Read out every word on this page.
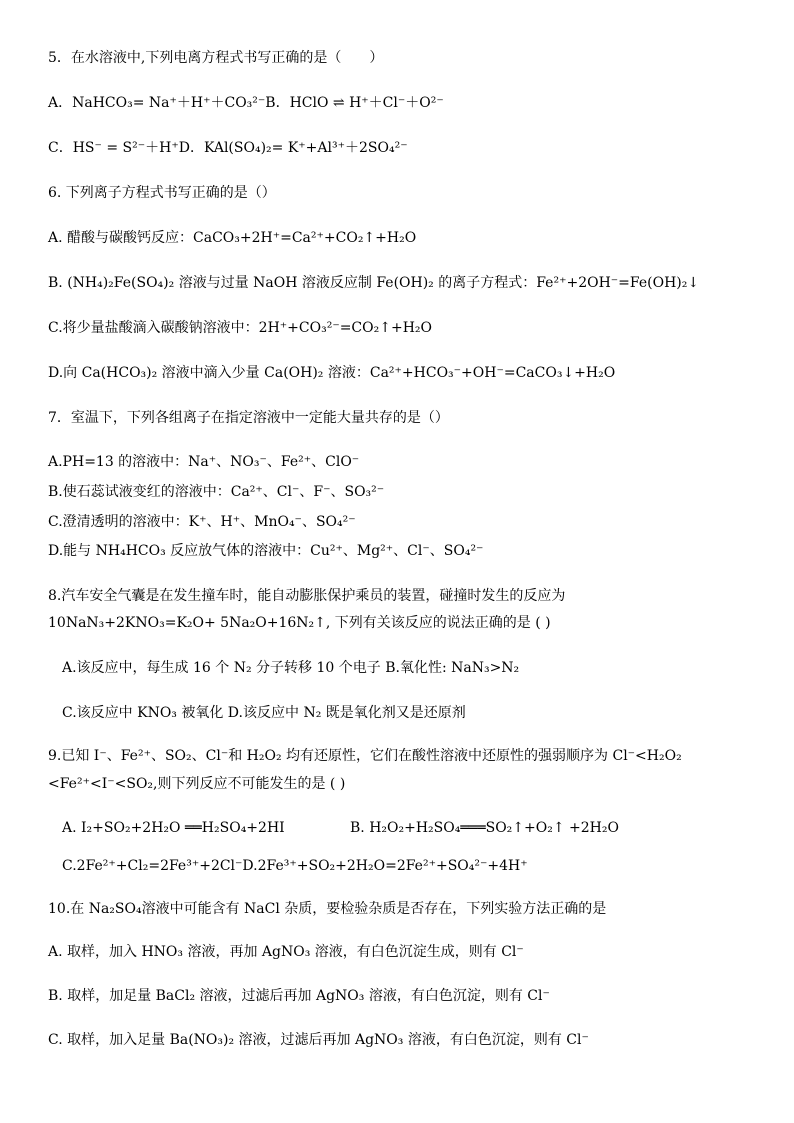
5．在水溶液中,下列电离方程式书写正确的是（　　）
A．NaHCO₃= Na⁺＋H⁺＋CO₃²⁻B．HClO ⇌ H⁺＋Cl⁻＋O²⁻
C．HS⁻ = S²⁻＋H⁺D．KAl(SO₄)₂= K⁺+Al³⁺＋2SO₄²⁻
6. 下列离子方程式书写正确的是（）
A. 醋酸与碳酸钙反应：CaCO₃+2H⁺=Ca²⁺+CO₂↑+H₂O
B. (NH₄)₂Fe(SO₄)₂ 溶液与过量 NaOH 溶液反应制 Fe(OH)₂ 的离子方程式：Fe²⁺+2OH⁻=Fe(OH)₂↓
C.将少量盐酸滴入碳酸钠溶液中：2H⁺+CO₃²⁻=CO₂↑+H₂O
D.向 Ca(HCO₃)₂ 溶液中滴入少量 Ca(OH)₂ 溶液：Ca²⁺+HCO₃⁻+OH⁻=CaCO₃↓+H₂O
7．室温下，下列各组离子在指定溶液中一定能大量共存的是（）
A.PH=13 的溶液中：Na⁺、NO₃⁻、Fe²⁺、ClO⁻
B.使石蕊试液变红的溶液中：Ca²⁺、Cl⁻、F⁻、SO₃²⁻
C.澄清透明的溶液中：K⁺、H⁺、MnO₄⁻、SO₄²⁻
D.能与 NH₄HCO₃ 反应放气体的溶液中：Cu²⁺、Mg²⁺、Cl⁻、SO₄²⁻
8.汽车安全气囊是在发生撞车时，能自动膨胀保护乘员的装置，碰撞时发生的反应为
10NaN₃+2KNO₃=K₂O+ 5Na₂O+16N₂↑, 下列有关该反应的说法正确的是 ( )
A.该反应中，每生成 16 个 N₂ 分子转移 10 个电子 B.氧化性: NaN₃>N₂
C.该反应中 KNO₃ 被氧化 D.该反应中 N₂ 既是氧化剂又是还原剂
9.已知 I⁻、Fe²⁺、SO₂、Cl⁻和 H₂O₂ 均有还原性，它们在酸性溶液中还原性的强弱顺序为 Cl⁻<H₂O₂
<Fe²⁺<I⁻<SO₂,则下列反应不可能发生的是 ( )
A. I₂+SO₂+2H₂O ══H₂SO₄+2HI	B. H₂O₂+H₂SO₄═══SO₂↑+O₂↑ +2H₂O
C.2Fe²⁺+Cl₂=2Fe³⁺+2Cl⁻D.2Fe³⁺+SO₂+2H₂O=2Fe²⁺+SO₄²⁻+4H⁺
10.在 Na₂SO₄溶液中可能含有 NaCl 杂质，要检验杂质是否存在，下列实验方法正确的是
A. 取样，加入 HNO₃ 溶液，再加 AgNO₃ 溶液，有白色沉淀生成，则有 Cl⁻
B. 取样，加足量 BaCl₂ 溶液，过滤后再加 AgNO₃ 溶液，有白色沉淀，则有 Cl⁻
C. 取样，加入足量 Ba(NO₃)₂ 溶液，过滤后再加 AgNO₃ 溶液，有白色沉淀，则有 Cl⁻
